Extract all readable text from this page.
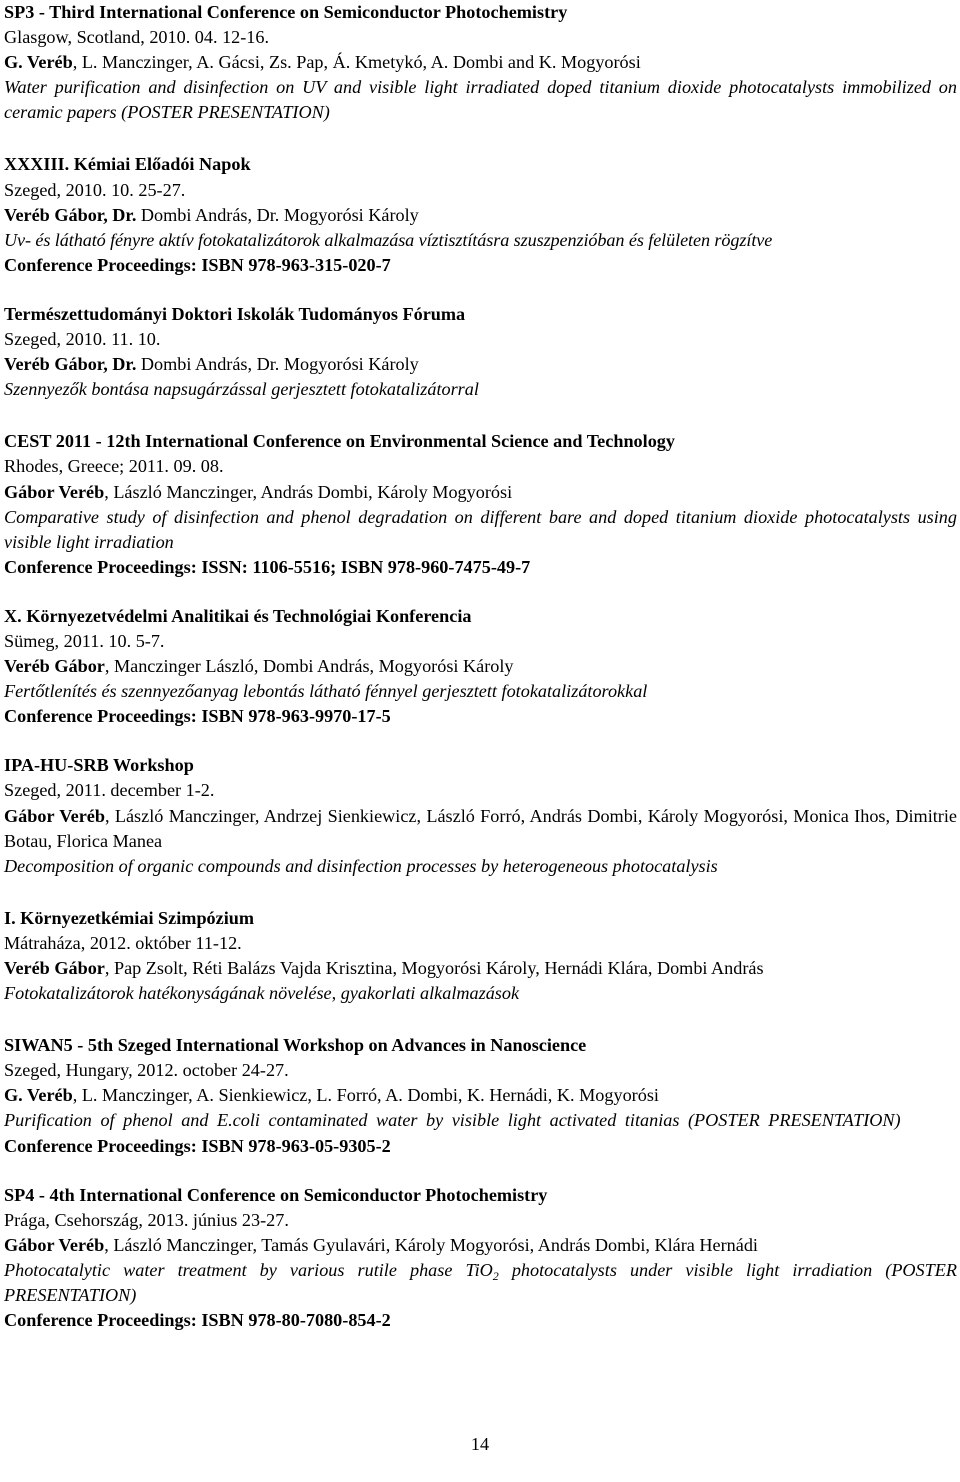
SP3 - Third International Conference on Semiconductor Photochemistry

Glasgow, Scotland, 2010. 04. 12-16.

G. Veréb, L. Manczinger, A. Gácsi, Zs. Pap, Á. Kmetykó, A. Dombi and K. Mogyorósi

Water purification and disinfection on UV and visible light irradiated doped titanium dioxide photocatalysts immobilized on ceramic papers (POSTER PRESENTATION)

XXXIII. Kémiai Előadói Napok

Szeged, 2010. 10. 25-27.

Veréb Gábor, Dr. Dombi András, Dr. Mogyorósi Károly

Uv- és látható fényre aktív fotokatalizátorok alkalmazása víztisztításra szuszpenzióban és felületen rögzítve

Conference Proceedings: ISBN 978-963-315-020-7

Természettudományi Doktori Iskolák Tudományos Fóruma

Szeged, 2010. 11. 10.

Veréb Gábor, Dr. Dombi András, Dr. Mogyorósi Károly

Szennyezők bontása napsugárzással gerjesztett fotokatalizátorral

CEST 2011 - 12th International Conference on Environmental Science and Technology

Rhodes, Greece; 2011. 09. 08.

Gábor Veréb, László Manczinger, András Dombi, Károly Mogyorósi

Comparative study of disinfection and phenol degradation on different bare and doped titanium dioxide photocatalysts using visible light irradiation

Conference Proceedings: ISSN: 1106-5516; ISBN 978-960-7475-49-7

X. Környezetvédelmi Analitikai és Technológiai Konferencia

Sümeg, 2011. 10. 5-7.

Veréb Gábor, Manczinger László, Dombi András, Mogyorósi Károly

Fertőtlenítés és szennyezőanyag lebontás látható fénnyel gerjesztett fotokatalizátorokkal

Conference Proceedings: ISBN 978-963-9970-17-5

IPA-HU-SRB Workshop

Szeged, 2011. december 1-2.

Gábor Veréb, László Manczinger, Andrzej Sienkiewicz, László Forró, András Dombi, Károly Mogyorósi, Monica Ihos, Dimitrie Botau, Florica Manea

Decomposition of organic compounds and disinfection processes by heterogeneous photocatalysis

I. Környezetkémiai Szimpózium

Mátraháza, 2012. október 11-12.

Veréb Gábor, Pap Zsolt, Réti Balázs Vajda Krisztina, Mogyorósi Károly, Hernádi Klára, Dombi András

Fotokatalizátorok hatékonyságának növelése, gyakorlati alkalmazások

SIWAN5 - 5th Szeged International Workshop on Advances in Nanoscience

Szeged, Hungary, 2012. october 24-27.

G. Veréb, L. Manczinger, A. Sienkiewicz, L. Forró, A. Dombi, K. Hernádi, K. Mogyorósi

Purification of phenol and E.coli contaminated water by visible light activated titanias (POSTER PRESENTATION)

Conference Proceedings: ISBN 978-963-05-9305-2

SP4 - 4th International Conference on Semiconductor Photochemistry

Prága, Csehország, 2013. június 23-27.

Gábor Veréb, László Manczinger, Tamás Gyulavári, Károly Mogyorósi, András Dombi, Klára Hernádi

Photocatalytic water treatment by various rutile phase TiO$_2$ photocatalysts under visible light irradiation (POSTER PRESENTATION)

Conference Proceedings: ISBN 978-80-7080-854-2

14
